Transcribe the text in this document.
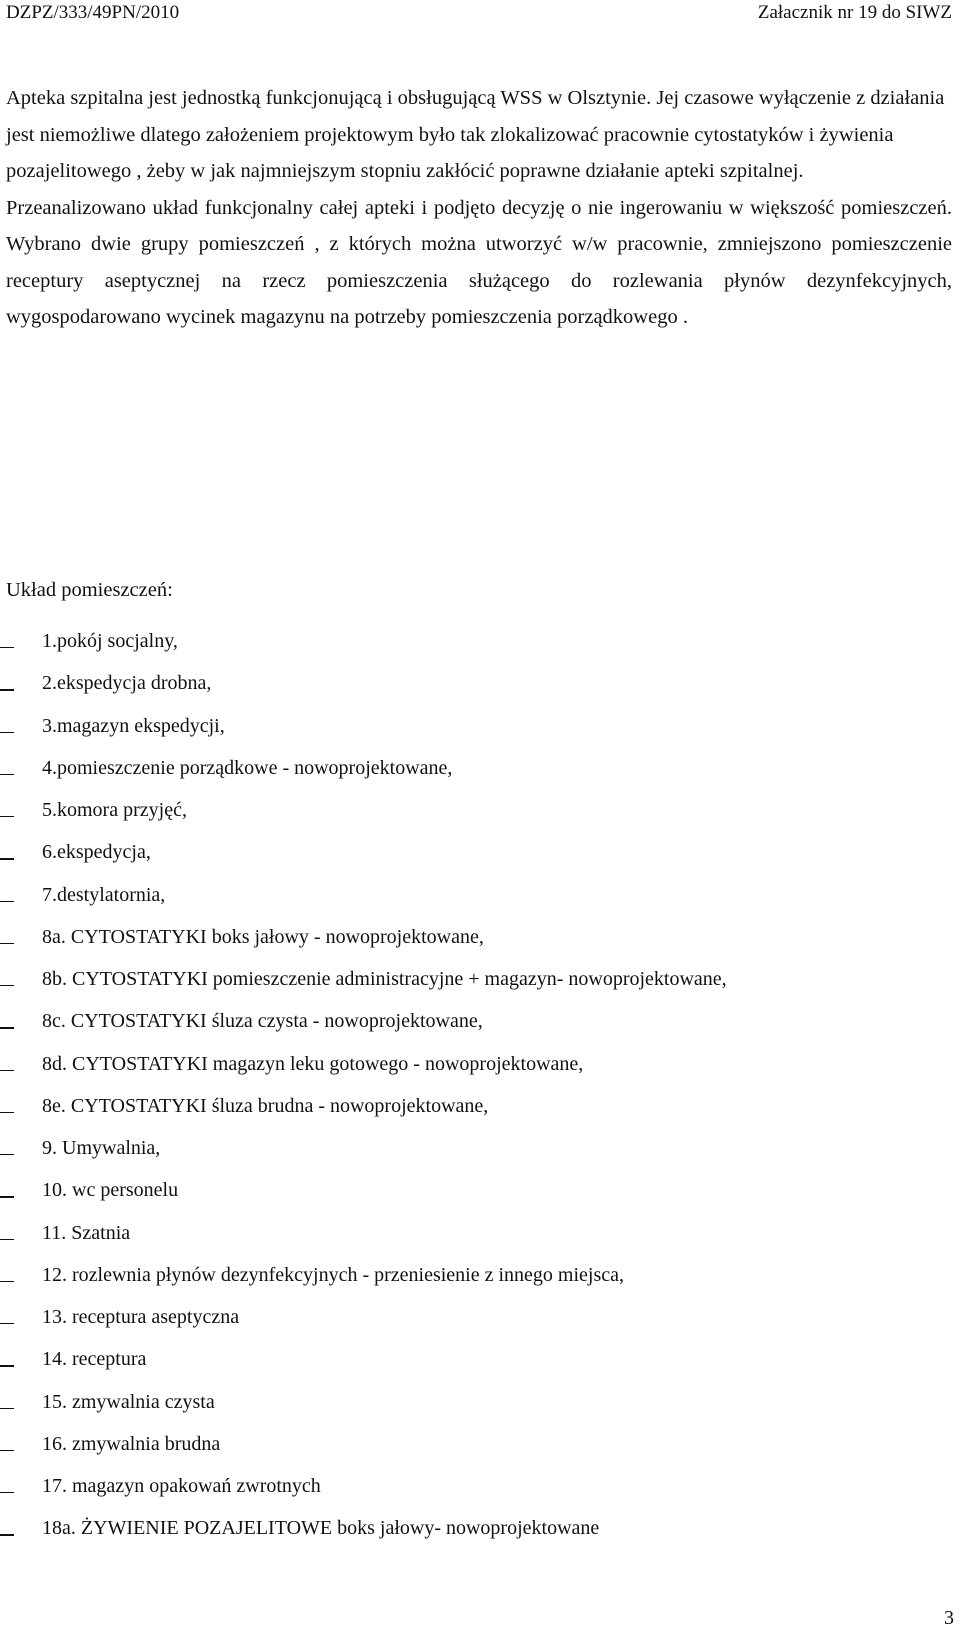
DZPZ/333/49PN/2010	Załacznik nr 19 do SIWZ
Apteka szpitalna jest jednostką funkcjonującą i obsługującą WSS w Olsztynie. Jej czasowe wyłączenie z działania jest niemożliwe dlatego założeniem projektowym było tak zlokalizować pracownie cytostatyków i żywienia pozajelitowego , żeby w jak najmniejszym stopniu zakłócić poprawne działanie apteki szpitalnej.
Przeanalizowano układ funkcjonalny całej apteki i podjęto decyzję o nie ingerowaniu w większość pomieszczeń. Wybrano dwie grupy pomieszczeń , z których można utworzyć w/w pracownie, zmniejszono pomieszczenie receptury aseptycznej na rzecz pomieszczenia służącego do rozlewania płynów dezynfekcyjnych, wygospodarowano wycinek magazynu na potrzeby pomieszczenia porządkowego .
Układ pomieszczeń:
1.pokój socjalny,
2.ekspedycja drobna,
3.magazyn ekspedycji,
4.pomieszczenie porządkowe - nowoprojektowane,
5.komora przyjęć,
6.ekspedycja,
7.destylatornia,
8a. CYTOSTATYKI boks jałowy - nowoprojektowane,
8b. CYTOSTATYKI pomieszczenie administracyjne + magazyn- nowoprojektowane,
8c. CYTOSTATYKI śluza czysta - nowoprojektowane,
8d. CYTOSTATYKI magazyn leku gotowego - nowoprojektowane,
8e. CYTOSTATYKI śluza brudna - nowoprojektowane,
9. Umywalnia,
10. wc personelu
11. Szatnia
12. rozlewnia płynów dezynfekcyjnych - przeniesienie z innego miejsca,
13. receptura aseptyczna
14. receptura
15. zmywalnia czysta
16. zmywalnia brudna
17. magazyn opakowań zwrotnych
18a. ŻYWIENIE POZAJELITOWE boks jałowy- nowoprojektowane
3
